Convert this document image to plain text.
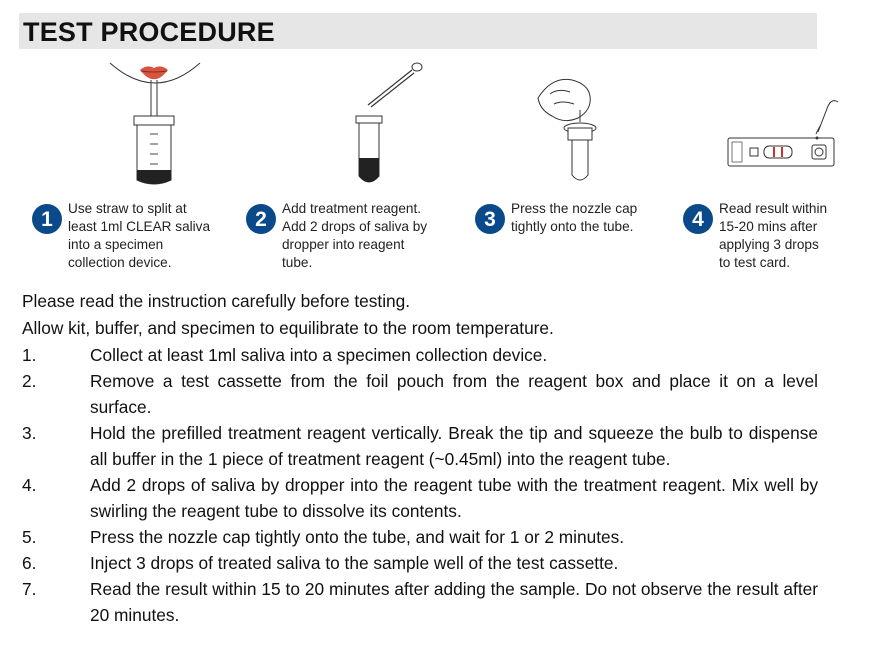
TEST PROCEDURE
1	Use straw to split at
least 1ml CLEAR saliva
into a specimen
collection device.
2	Add treatment reagent.
Add 2 drops of saliva by
dropper into reagent
tube.
3	Press the nozzle cap
tightly onto the tube.	4	Read result within
15-20 mins after
applying 3 drops
to test card.

Please read the instruction carefully before testing.

Allow kit, buffer, and specimen to equilibrate to the room temperature.

1.	Collect at least 1ml saliva into a specimen collection device.
2.	Remove a test cassette from the foil pouch from the reagent box and place it on a level surface.
3.	Hold the prefilled treatment reagent vertically. Break the tip and squeeze the bulb to dispense all buffer in the 1 piece of treatment reagent (~0.45ml) into the reagent tube.
4.	Add 2 drops of saliva by dropper into the reagent tube with the treatment reagent. Mix well by swirling the reagent tube to dissolve its contents.
5.	Press the nozzle cap tightly onto the tube, and wait for 1 or 2 minutes.
6.	Inject 3 drops of treated saliva to the sample well of the test cassette.
7.	Read the result within 15 to 20 minutes after adding the sample. Do not observe the result after 20 minutes.
